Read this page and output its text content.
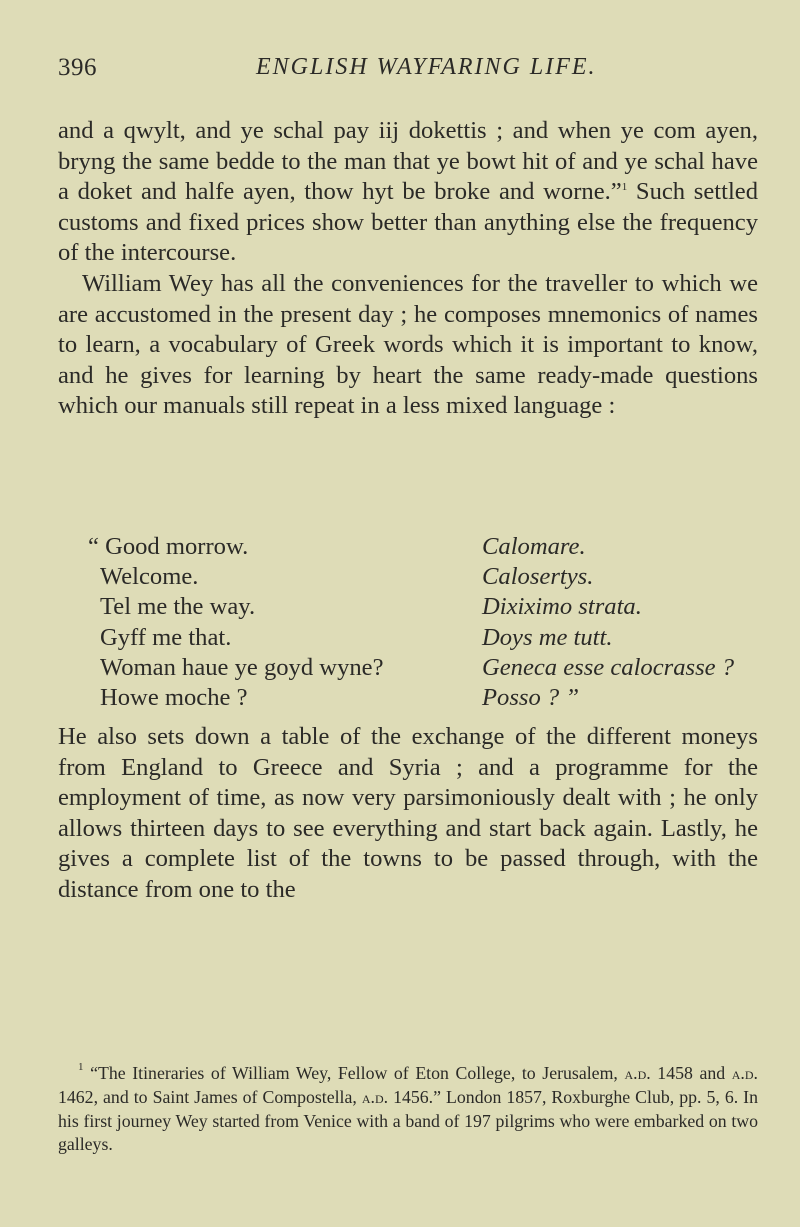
396	ENGLISH WAYFARING LIFE.

and a qwylt, and ye schal pay iij dokettis ; and when ye com ayen, bryng the same bedde to the man that ye bowt hit of and ye schal have a doket and halfe ayen, thow hyt be broke and worne.”$^1$ Such settled customs and fixed prices show better than anything else the frequency of the intercourse.

William Wey has all the conveniences for the traveller to which we are accustomed in the present day ; he composes mnemonics of names to learn, a vocabulary of Greek words which it is important to know, and he gives for learning by heart the same ready-made questions which our manuals still repeat in a less mixed language :

“ Good morrow.	Calomare.
Welcome.	Calosertys.
Tel me the way.	Dixiximo strata.
Gyff me that.	Doys me tutt.
Woman haue ye goyd wyne?	Geneca esse calocrasse ?
Howe moche ?	Posso ? ”

He also sets down a table of the exchange of the different moneys from England to Greece and Syria ; and a programme for the employment of time, as now very parsimoniously dealt with ; he only allows thirteen days to see everything and start back again. Lastly, he gives a complete list of the towns to be passed through, with the distance from one to the

$^1$ “The Itineraries of William Wey, Fellow of Eton College, to Jerusalem, a.d. 1458 and a.d. 1462, and to Saint James of Compostella, a.d. 1456.” London 1857, Roxburghe Club, pp. 5, 6. In his first journey Wey started from Venice with a band of 197 pilgrims who were embarked on two galleys.
